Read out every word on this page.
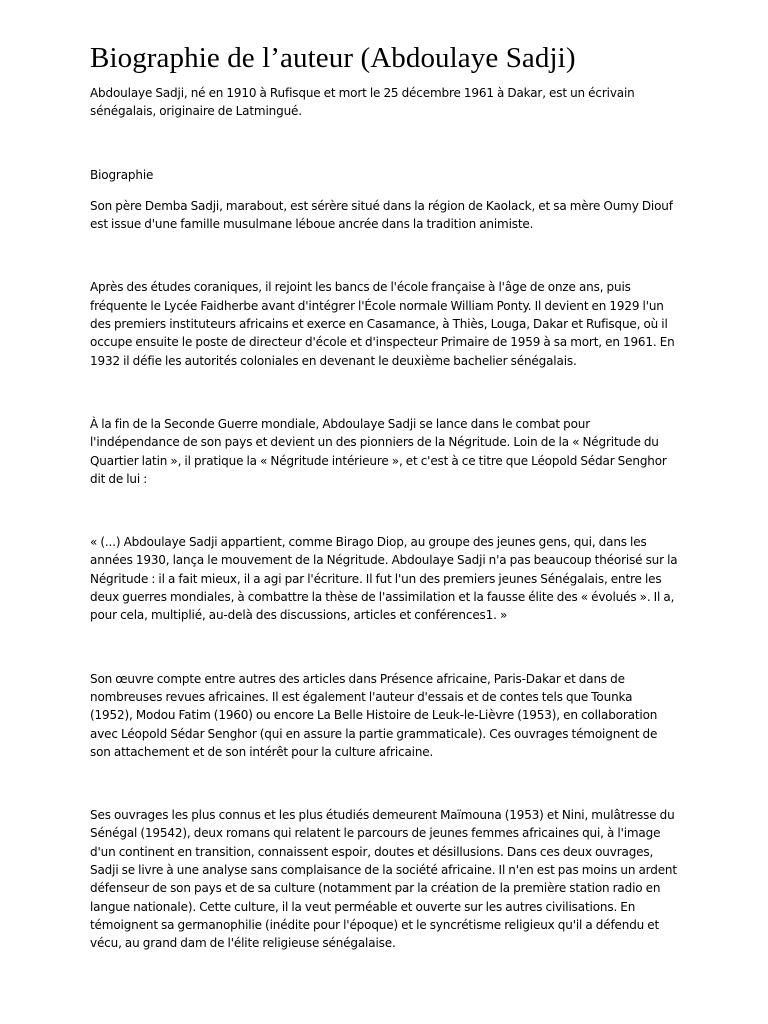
Biographie de l’auteur (Abdoulaye Sadji)

Abdoulaye Sadji, né en 1910 à Rufisque et mort le 25 décembre 1961 à Dakar, est un écrivain sénégalais, originaire de Latmingué.

Biographie

Son père Demba Sadji, marabout, est sérère situé dans la région de Kaolack, et sa mère Oumy Diouf est issue d'une famille musulmane léboue ancrée dans la tradition animiste.

Après des études coraniques, il rejoint les bancs de l'école française à l'âge de onze ans, puis fréquente le Lycée Faidherbe avant d'intégrer l'École normale William Ponty. Il devient en 1929 l'un des premiers instituteurs africains et exerce en Casamance, à Thiès, Louga, Dakar et Rufisque, où il occupe ensuite le poste de directeur d'école et d'inspecteur Primaire de 1959 à sa mort, en 1961. En 1932 il défie les autorités coloniales en devenant le deuxième bachelier sénégalais.

À la fin de la Seconde Guerre mondiale, Abdoulaye Sadji se lance dans le combat pour l'indépendance de son pays et devient un des pionniers de la Négritude. Loin de la « Négritude du Quartier latin », il pratique la « Négritude intérieure », et c'est à ce titre que Léopold Sédar Senghor dit de lui :

« (...) Abdoulaye Sadji appartient, comme Birago Diop, au groupe des jeunes gens, qui, dans les années 1930, lança le mouvement de la Négritude. Abdoulaye Sadji n'a pas beaucoup théorisé sur la Négritude : il a fait mieux, il a agi par l'écriture. Il fut l'un des premiers jeunes Sénégalais, entre les deux guerres mondiales, à combattre la thèse de l'assimilation et la fausse élite des « évolués ». Il a, pour cela, multiplié, au-delà des discussions, articles et conférences1. »

Son œuvre compte entre autres des articles dans Présence africaine, Paris-Dakar et dans de nombreuses revues africaines. Il est également l'auteur d'essais et de contes tels que Tounka (1952), Modou Fatim (1960) ou encore La Belle Histoire de Leuk-le-Lièvre (1953), en collaboration avec Léopold Sédar Senghor (qui en assure la partie grammaticale). Ces ouvrages témoignent de son attachement et de son intérêt pour la culture africaine.

Ses ouvrages les plus connus et les plus étudiés demeurent Maïmouna (1953) et Nini, mulâtresse du Sénégal (19542), deux romans qui relatent le parcours de jeunes femmes africaines qui, à l'image d'un continent en transition, connaissent espoir, doutes et désillusions. Dans ces deux ouvrages, Sadji se livre à une analyse sans complaisance de la société africaine. Il n'en est pas moins un ardent défenseur de son pays et de sa culture (notamment par la création de la première station radio en langue nationale). Cette culture, il la veut perméable et ouverte sur les autres civilisations. En témoignent sa germanophilie (inédite pour l'époque) et le syncrétisme religieux qu'il a défendu et vécu, au grand dam de l'élite religieuse sénégalaise.
